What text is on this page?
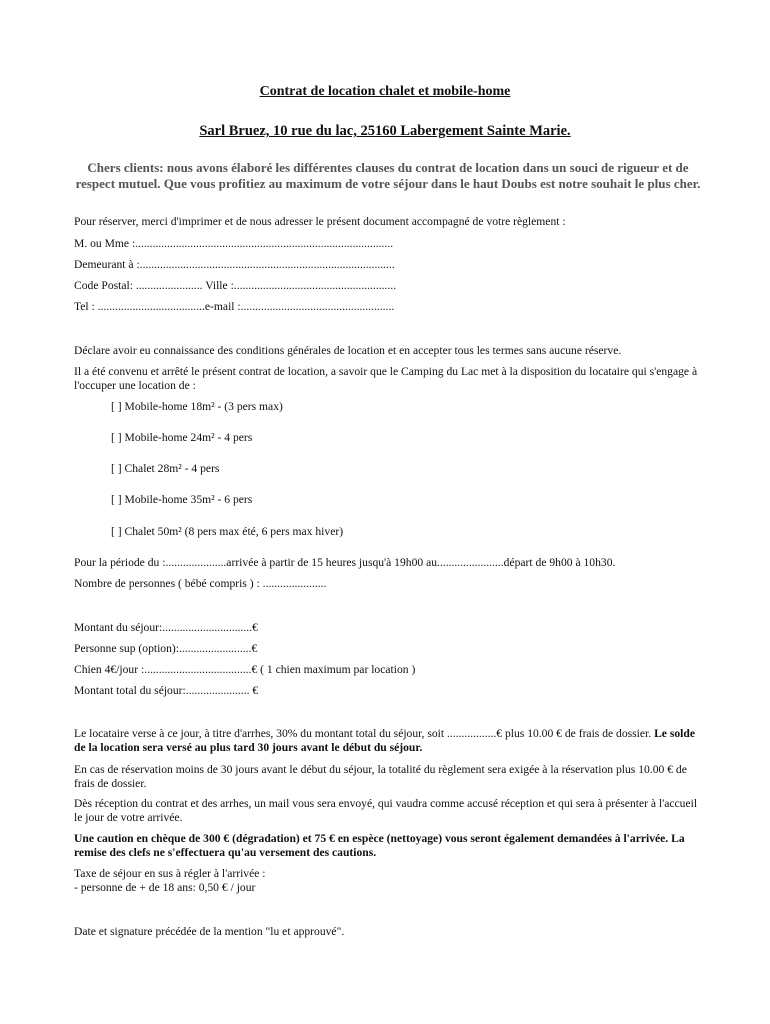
Contrat de location chalet et mobile-home

Sarl Bruez, 10 rue du lac, 25160 Labergement Sainte Marie.

Chers clients: nous avons élaboré les différentes clauses du contrat de location dans un souci de rigueur et de respect mutuel. Que vous profitiez au maximum de votre séjour dans le haut Doubs est notre souhait le plus cher.

Pour réserver, merci d'imprimer et de nous adresser le présent document accompagné de votre règlement :

M. ou Mme :.........................................................................................

Demeurant à :........................................................................................

Code Postal: ....................... Ville :........................................................

Tel : .....................................e-mail :.....................................................

Déclare avoir eu connaissance des conditions générales de location et en accepter tous les termes sans aucune réserve.

Il a été convenu et arrêté le présent contrat de location, a savoir que le Camping du Lac met à la disposition du locataire qui s'engage à l'occuper une location de :

[ ] Mobile-home 18m² - (3 pers max)

[ ] Mobile-home 24m² - 4 pers

[ ] Chalet 28m² - 4 pers

[ ] Mobile-home 35m² - 6 pers

[ ] Chalet 50m² (8 pers max été, 6 pers max hiver)

Pour la période du :.....................arrivée à partir de 15 heures jusqu'à 19h00 au.......................départ de 9h00 à 10h30.

Nombre de personnes ( bébé compris ) : ......................

Montant du séjour:...............................€

Personne sup (option):.........................€

Chien 4€/jour :.....................................€ ( 1 chien maximum par location )

Montant total du séjour:...................... €

Le locataire verse à ce jour, à titre d'arrhes, 30% du montant total du séjour, soit .................€ plus 10.00 € de frais de dossier. Le solde de la location sera versé au plus tard 30 jours avant le début du séjour.

En cas de réservation moins de 30 jours avant le début du séjour, la totalité du règlement sera exigée à la réservation plus 10.00 € de frais de dossier.

Dès réception du contrat et des arrhes, un mail vous sera envoyé, qui vaudra comme accusé réception et qui sera à présenter à l'accueil le jour de votre arrivée.

Une caution en chèque de 300 € (dégradation) et 75 € en espèce (nettoyage) vous seront également demandées à l'arrivée. La remise des clefs ne s'effectuera qu'au versement des cautions.

Taxe de séjour en sus à régler à l'arrivée :

- personne de + de 18 ans: 0,50 € / jour

Date et signature précédée de la mention "lu et approuvé".
